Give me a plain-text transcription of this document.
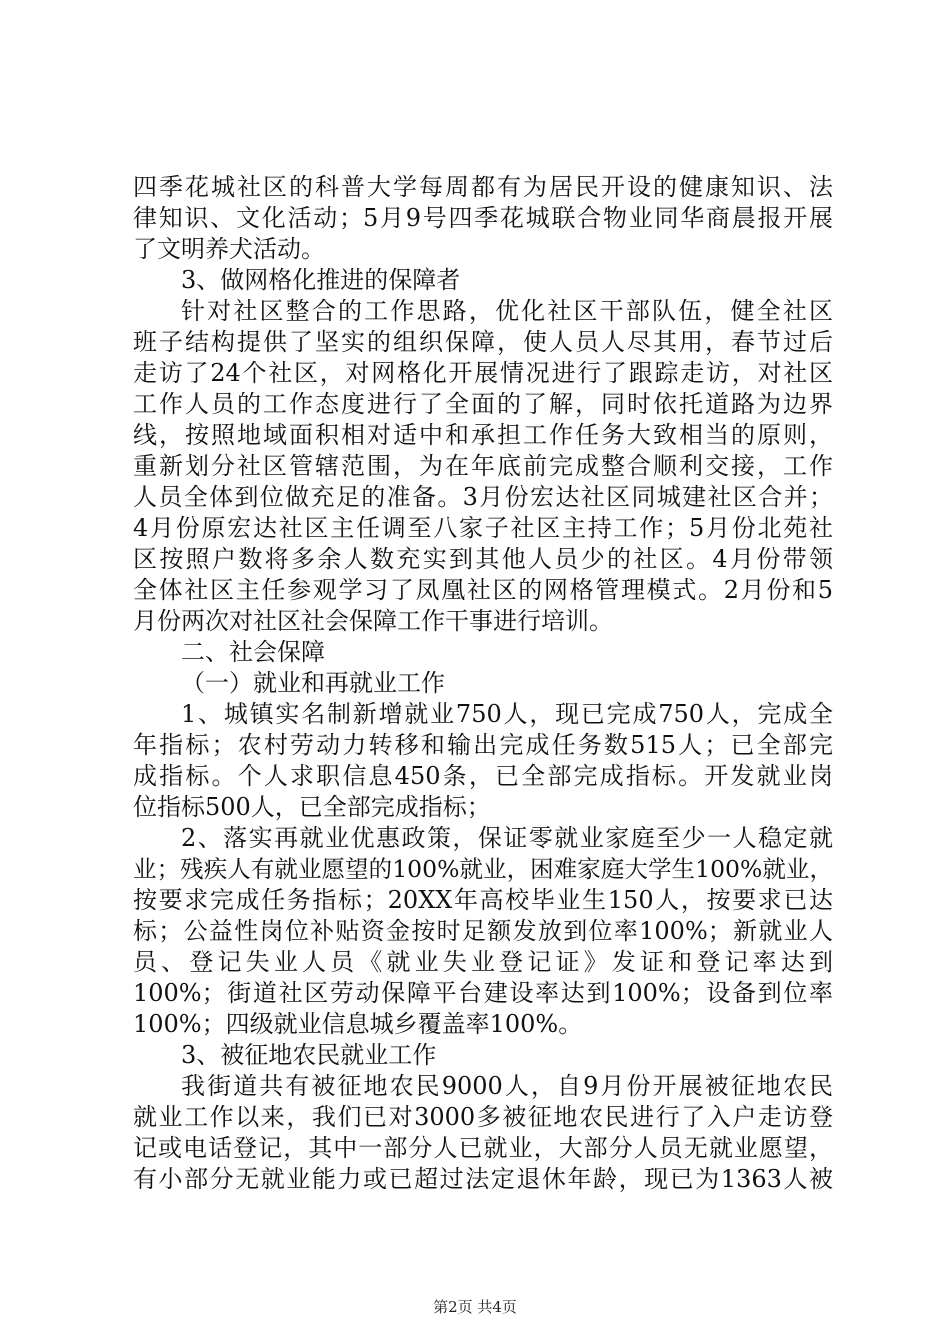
四季花城社区的科普大学每周都有为居民开设的健康知识、法
律知识、文化活动；5月9号四季花城联合物业同华商晨报开展
了文明养犬活动。
3、做网格化推进的保障者
针对社区整合的工作思路，优化社区干部队伍，健全社区
班子结构提供了坚实的组织保障，使人员人尽其用，春节过后
走访了24个社区，对网格化开展情况进行了跟踪走访，对社区
工作人员的工作态度进行了全面的了解，同时依托道路为边界
线，按照地域面积相对适中和承担工作任务大致相当的原则，
重新划分社区管辖范围，为在年底前完成整合顺利交接，工作
人员全体到位做充足的准备。3月份宏达社区同城建社区合并；
4月份原宏达社区主任调至八家子社区主持工作；5月份北苑社
区按照户数将多余人数充实到其他人员少的社区。4月份带领
全体社区主任参观学习了凤凰社区的网格管理模式。2月份和5
月份两次对社区社会保障工作干事进行培训。
二、社会保障
（一）就业和再就业工作
1、城镇实名制新增就业750人，现已完成750人，完成全
年指标；农村劳动力转移和输出完成任务数515人；已全部完
成指标。个人求职信息450条，已全部完成指标。开发就业岗
位指标500人，已全部完成指标；
2、落实再就业优惠政策，保证零就业家庭至少一人稳定就
业；残疾人有就业愿望的100%就业，困难家庭大学生100%就业，
按要求完成任务指标；20XX年高校毕业生150人，按要求已达
标；公益性岗位补贴资金按时足额发放到位率100%；新就业人
员、登记失业人员《就业失业登记证》发证和登记率达到
100%；街道社区劳动保障平台建设率达到100%；设备到位率
100%；四级就业信息城乡覆盖率100%。
3、被征地农民就业工作
我街道共有被征地农民9000人，自9月份开展被征地农民
就业工作以来，我们已对3000多被征地农民进行了入户走访登
记或电话登记，其中一部分人已就业，大部分人员无就业愿望，
有小部分无就业能力或已超过法定退休年龄，现已为1363人被
第2页 共4页
